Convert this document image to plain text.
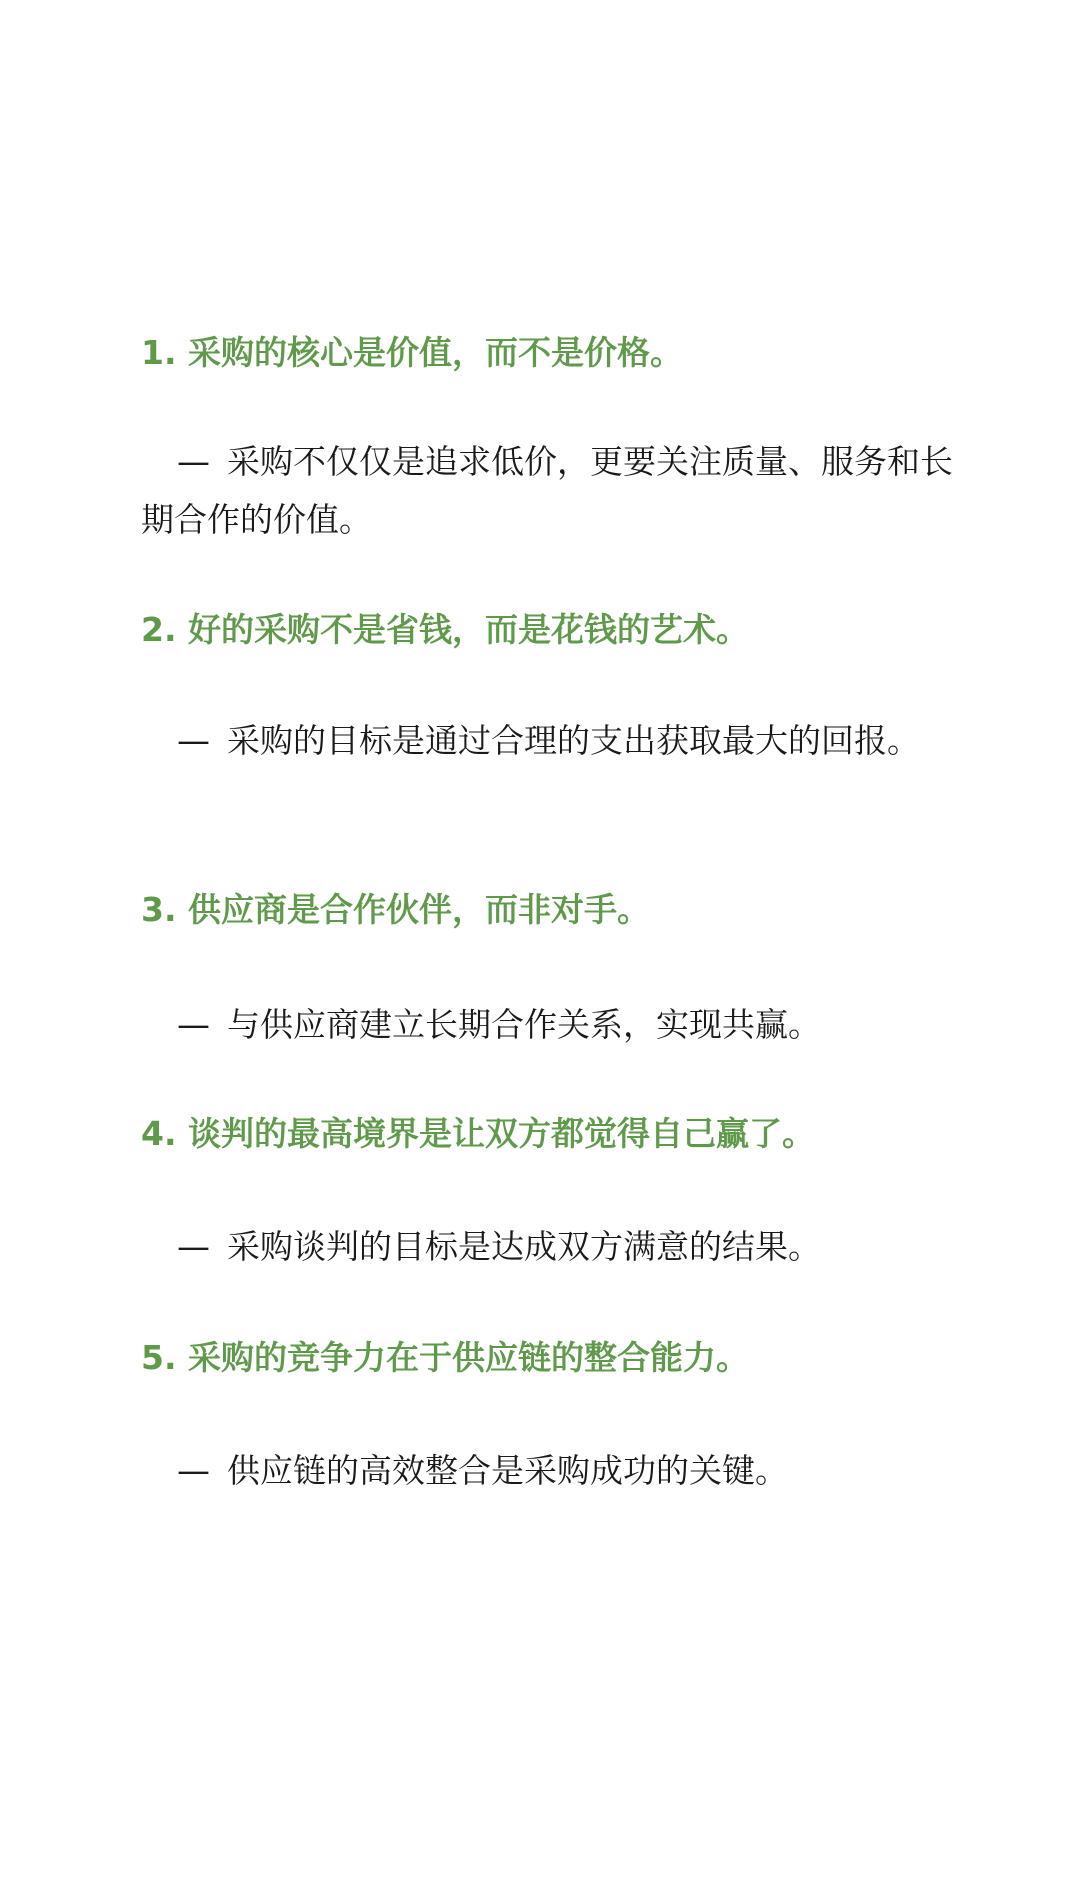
1. 采购的核心是价值，而不是价格。
— 采购不仅仅是追求低价，更要关注质量、服务和长期合作的价值。
2. 好的采购不是省钱，而是花钱的艺术。
— 采购的目标是通过合理的支出获取最大的回报。
3. 供应商是合作伙伴，而非对手。
— 与供应商建立长期合作关系，实现共赢。
4. 谈判的最高境界是让双方都觉得自己赢了。
— 采购谈判的目标是达成双方满意的结果。
5. 采购的竞争力在于供应链的整合能力。
— 供应链的高效整合是采购成功的关键。
